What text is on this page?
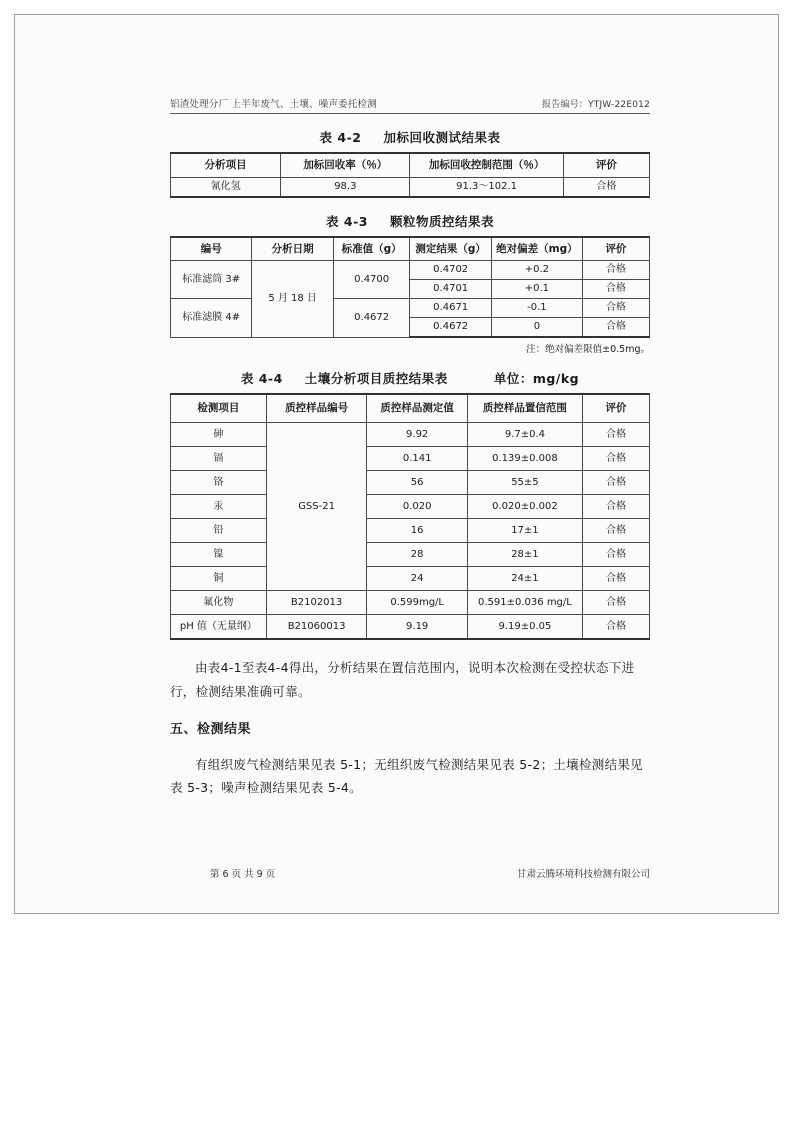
铝渣处理分厂 上半年废气、土壤、噪声委托检测	报告编号：YTJW-22E012
表 4-2 加标回收测试结果表
分析项目	加标回收率（％）	加标回收控制范围（％）	评价
氰化氢	98.3	91.3～102.1	合格
表 4-3 颗粒物质控结果表
编号	分析日期	标准值（g）	测定结果（g）	绝对偏差（mg）	评价
标准滤筒 3#	5 月 18 日	0.4700	0.4702	+0.2	合格
			0.4701	+0.1	合格
标准滤膜 4#		0.4672	0.4671	-0.1	合格
			0.4672	0	合格
注：绝对偏差限值±0.5mg。
表 4-4 土壤分析项目质控结果表	单位：mg/kg
检测项目	质控样品编号	质控样品测定值	质控样品置信范围	评价
砷	GSS-21	9.92	9.7±0.4	合格
镉		0.141	0.139±0.008	合格
铬		56	55±5	合格
汞		0.020	0.020±0.002	合格
铅		16	17±1	合格
镍		28	28±1	合格
铜		24	24±1	合格
氟化物	B2102013	0.599mg/L	0.591±0.036 mg/L	合格
pH 值（无量纲）	B21060013	9.19	9.19±0.05	合格

由表4-1至表4-4得出，分析结果在置信范围内，说明本次检测在受控状态下进行，检测结果准确可靠。

五、检测结果

有组织废气检测结果见表 5-1；无组织废气检测结果见表 5-2；土壤检测结果见表 5-3；噪声检测结果见表 5-4。

第 6 页 共 9 页	甘肃云腾环境科技检测有限公司
